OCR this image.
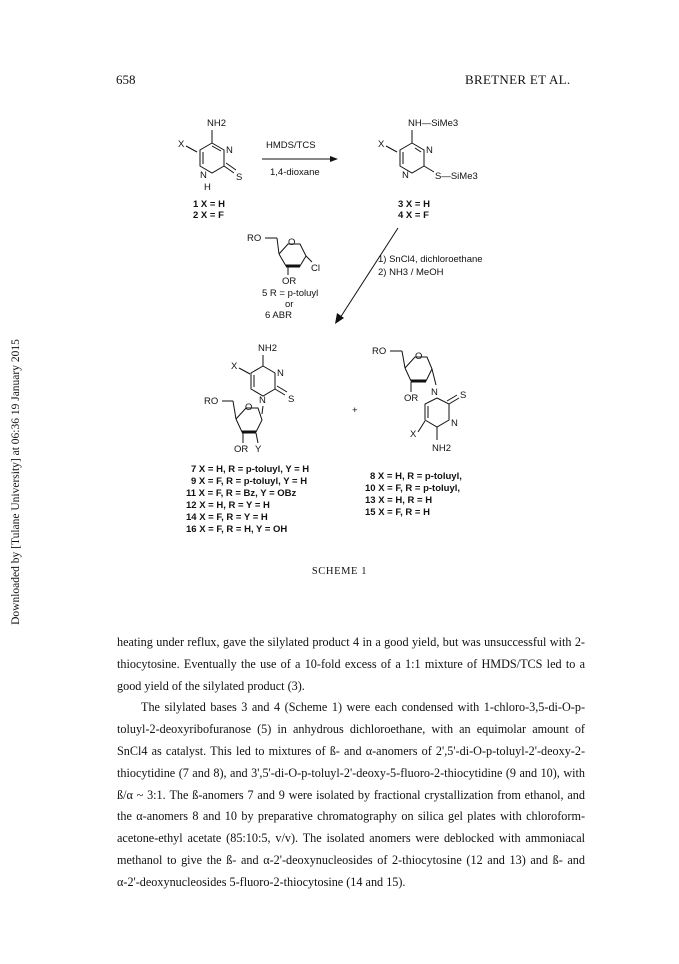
658	BRETNER ET AL.
Downloaded by [Tulane University] at 06:36 19 January 2015
NH2
X
N
N	S
H
1 X = H
2 X = F
HMDS/TCS
1,4-dioxane
NH—SiMe3
X
N
N	S—SiMe3
3 X = H
4 X = F
RO	O
Cl
OR
5 R = p-toluyl
or
6 ABR
1) SnCl4, dichloroethane
2) NH3 / MeOH
NH2
X
N
N S
RO
O
OR Y
7 X = H, R = p-toluyl, Y = H
9 X = F, R = p-toluyl, Y = H
11 X = F, R = Bz, Y = OBz
12 X = H, R = Y = H
14 X = F, R = Y = H
16 X = F, R = H, Y = OH
+
RO	O
OR
N S
N
X
NH2
8 X = H, R = p-toluyl,
10 X = F, R = p-toluyl,
13 X = H, R = H
15 X = F, R = H
SCHEME 1

heating under reflux, gave the silylated product 4 in a good yield, but was unsuccessful with 2-thiocytosine. Eventually the use of a 10-fold excess of a 1:1 mixture of HMDS/TCS led to a good yield of the silylated product (3).

The silylated bases 3 and 4 (Scheme 1) were each condensed with 1-chloro-3,5-di-O-p-toluyl-2-deoxyribofuranose (5) in anhydrous dichloroethane, with an equimolar amount of SnCl4 as catalyst. This led to mixtures of ß- and α-anomers of 2',5'-di-O-p-toluyl-2'-deoxy-2-thiocytidine (7 and 8), and 3',5'-di-O-p-toluyl-2'-deoxy-5-fluoro-2-thiocytidine (9 and 10), with ß/α ~ 3:1. The ß-anomers 7 and 9 were isolated by fractional crystallization from ethanol, and the α-anomers 8 and 10 by preparative chromatography on silica gel plates with chloroform-acetone-ethyl acetate (85:10:5, v/v). The isolated anomers were deblocked with ammoniacal methanol to give the ß- and α-2'-deoxynucleosides of 2-thiocytosine (12 and 13) and ß- and α-2'-deoxynucleosides 5-fluoro-2-thiocytosine (14 and 15).
